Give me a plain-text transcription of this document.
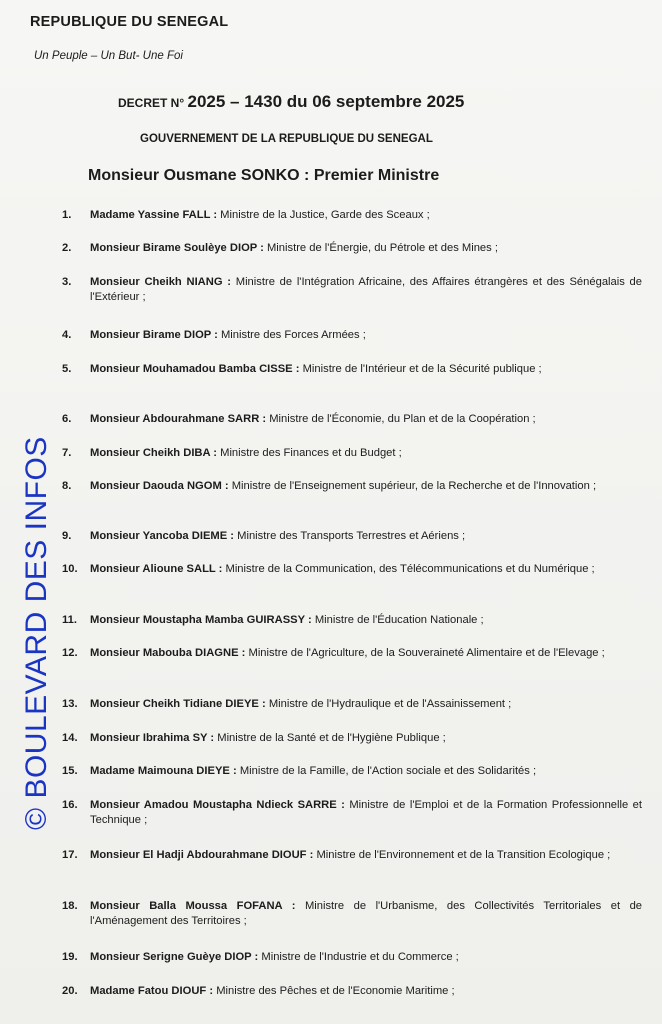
REPUBLIQUE DU SENEGAL
Un Peuple – Un But- Une Foi
DECRET N° 2025 – 1430 du 06 septembre 2025
GOUVERNEMENT DE LA REPUBLIQUE DU SENEGAL
Monsieur Ousmane SONKO : Premier Ministre
1.	Madame Yassine FALL : Ministre de la Justice, Garde des Sceaux ;
2.	Monsieur Birame Soulèye DIOP : Ministre de l'Énergie, du Pétrole et des Mines ;
3.	Monsieur Cheikh NIANG : Ministre de l'Intégration Africaine, des Affaires étrangères et des Sénégalais de l'Extérieur ;
4.	Monsieur Birame DIOP : Ministre des Forces Armées ;
5.	Monsieur Mouhamadou Bamba CISSE : Ministre de l'Intérieur et de la Sécurité publique ;
6.	Monsieur Abdourahmane SARR : Ministre de l'Économie, du Plan et de la Coopération ;
7.	Monsieur Cheikh DIBA : Ministre des Finances et du Budget ;
8.	Monsieur Daouda NGOM : Ministre de l'Enseignement supérieur, de la Recherche et de l'Innovation ;
9.	Monsieur Yancoba DIEME : Ministre des Transports Terrestres et Aériens ;
10.	Monsieur Alioune SALL : Ministre de la Communication, des Télécommunications et du Numérique ;
11.	Monsieur Moustapha Mamba GUIRASSY : Ministre de l'Éducation Nationale ;
12.	Monsieur Mabouba DIAGNE : Ministre de l'Agriculture, de la Souveraineté Alimentaire et de l'Elevage ;
13.	Monsieur Cheikh Tidiane DIEYE : Ministre de l'Hydraulique et de l'Assainissement ;
14.	Monsieur Ibrahima SY : Ministre de la Santé et de l'Hygiène Publique ;
15.	Madame Maimouna DIEYE : Ministre de la Famille, de l'Action sociale et des Solidarités ;
16.	Monsieur Amadou Moustapha Ndieck SARRE : Ministre de l'Emploi et de la Formation Professionnelle et Technique ;
17.	Monsieur El Hadji Abdourahmane DIOUF : Ministre de l'Environnement et de la Transition Ecologique ;
18.	Monsieur Balla Moussa FOFANA : Ministre de l'Urbanisme, des Collectivités Territoriales et de l'Aménagement des Territoires ;
19.	Monsieur Serigne Guèye DIOP : Ministre de l'Industrie et du Commerce ;
20.	Madame Fatou DIOUF : Ministre des Pêches et de l'Economie Maritime ;
© BOULEVARD DES INFOS
